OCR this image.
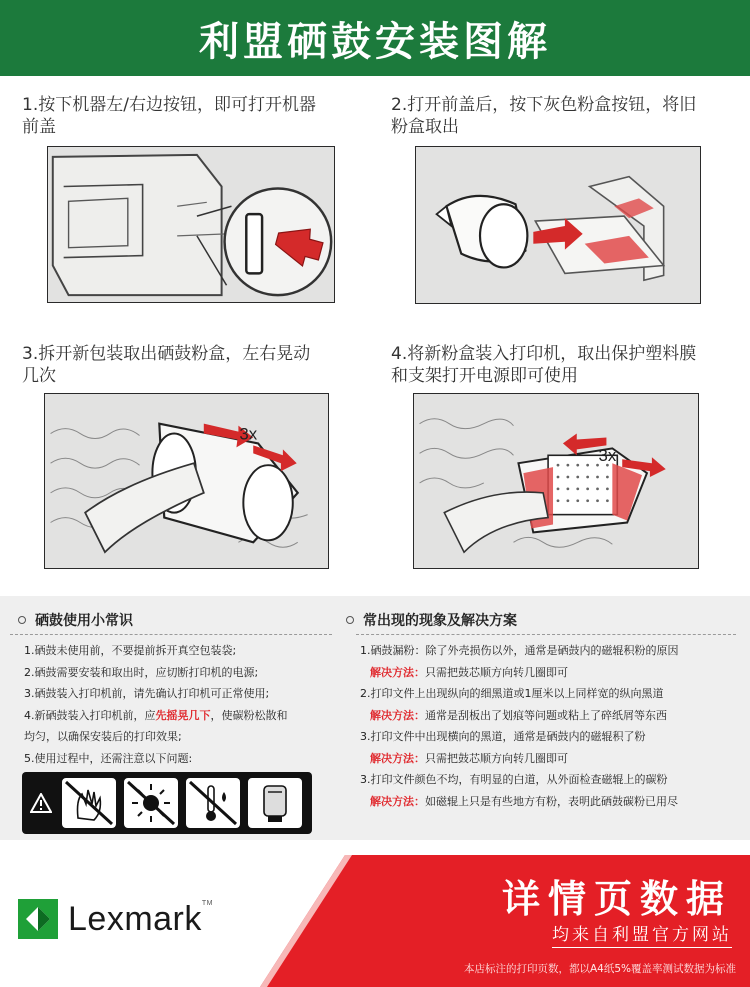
利盟硒鼓安装图解
1.按下机器左/右边按钮，即可打开机器
前盖
2.打开前盖后，按下灰色粉盒按钮，将旧
粉盒取出
3.拆开新包装取出硒鼓粉盒，左右晃动
几次
3x
4.将新粉盒装入打印机，取出保护塑料膜
和支架打开电源即可使用
3x
硒鼓使用小常识
1.硒鼓未使用前，不要提前拆开真空包装袋;
2.硒鼓需要安装和取出时，应切断打印机的电源;
3.硒鼓装入打印机前，请先确认打印机可正常使用;
4.新硒鼓装入打印机前，应先摇晃几下，使碳粉松散和
均匀，以确保安装后的打印效果;
5.使用过程中，还需注意以下问题:
常出现的现象及解决方案
1.硒鼓漏粉：除了外壳损伤以外，通常是硒鼓内的磁辊积粉的原因
解决方法：只需把鼓芯顺方向转几圈即可
2.打印文件上出现纵向的细黑道或1厘米以上同样宽的纵向黑道
解决方法：通常是刮板出了划痕等问题或粘上了碎纸屑等东西
3.打印文件中出现横向的黑道，通常是硒鼓内的磁辊积了粉
解决方法：只需把鼓芯顺方向转几圈即可
3.打印文件颜色不均，有明显的白道，从外面检查磁辊上的碳粉
解决方法：如磁辊上只是有些地方有粉，表明此硒鼓碳粉已用尽
Lexmark™	详情页数据
均来自利盟官方网站
本店标注的打印页数，都以A4纸5%覆盖率测试数据为标准
